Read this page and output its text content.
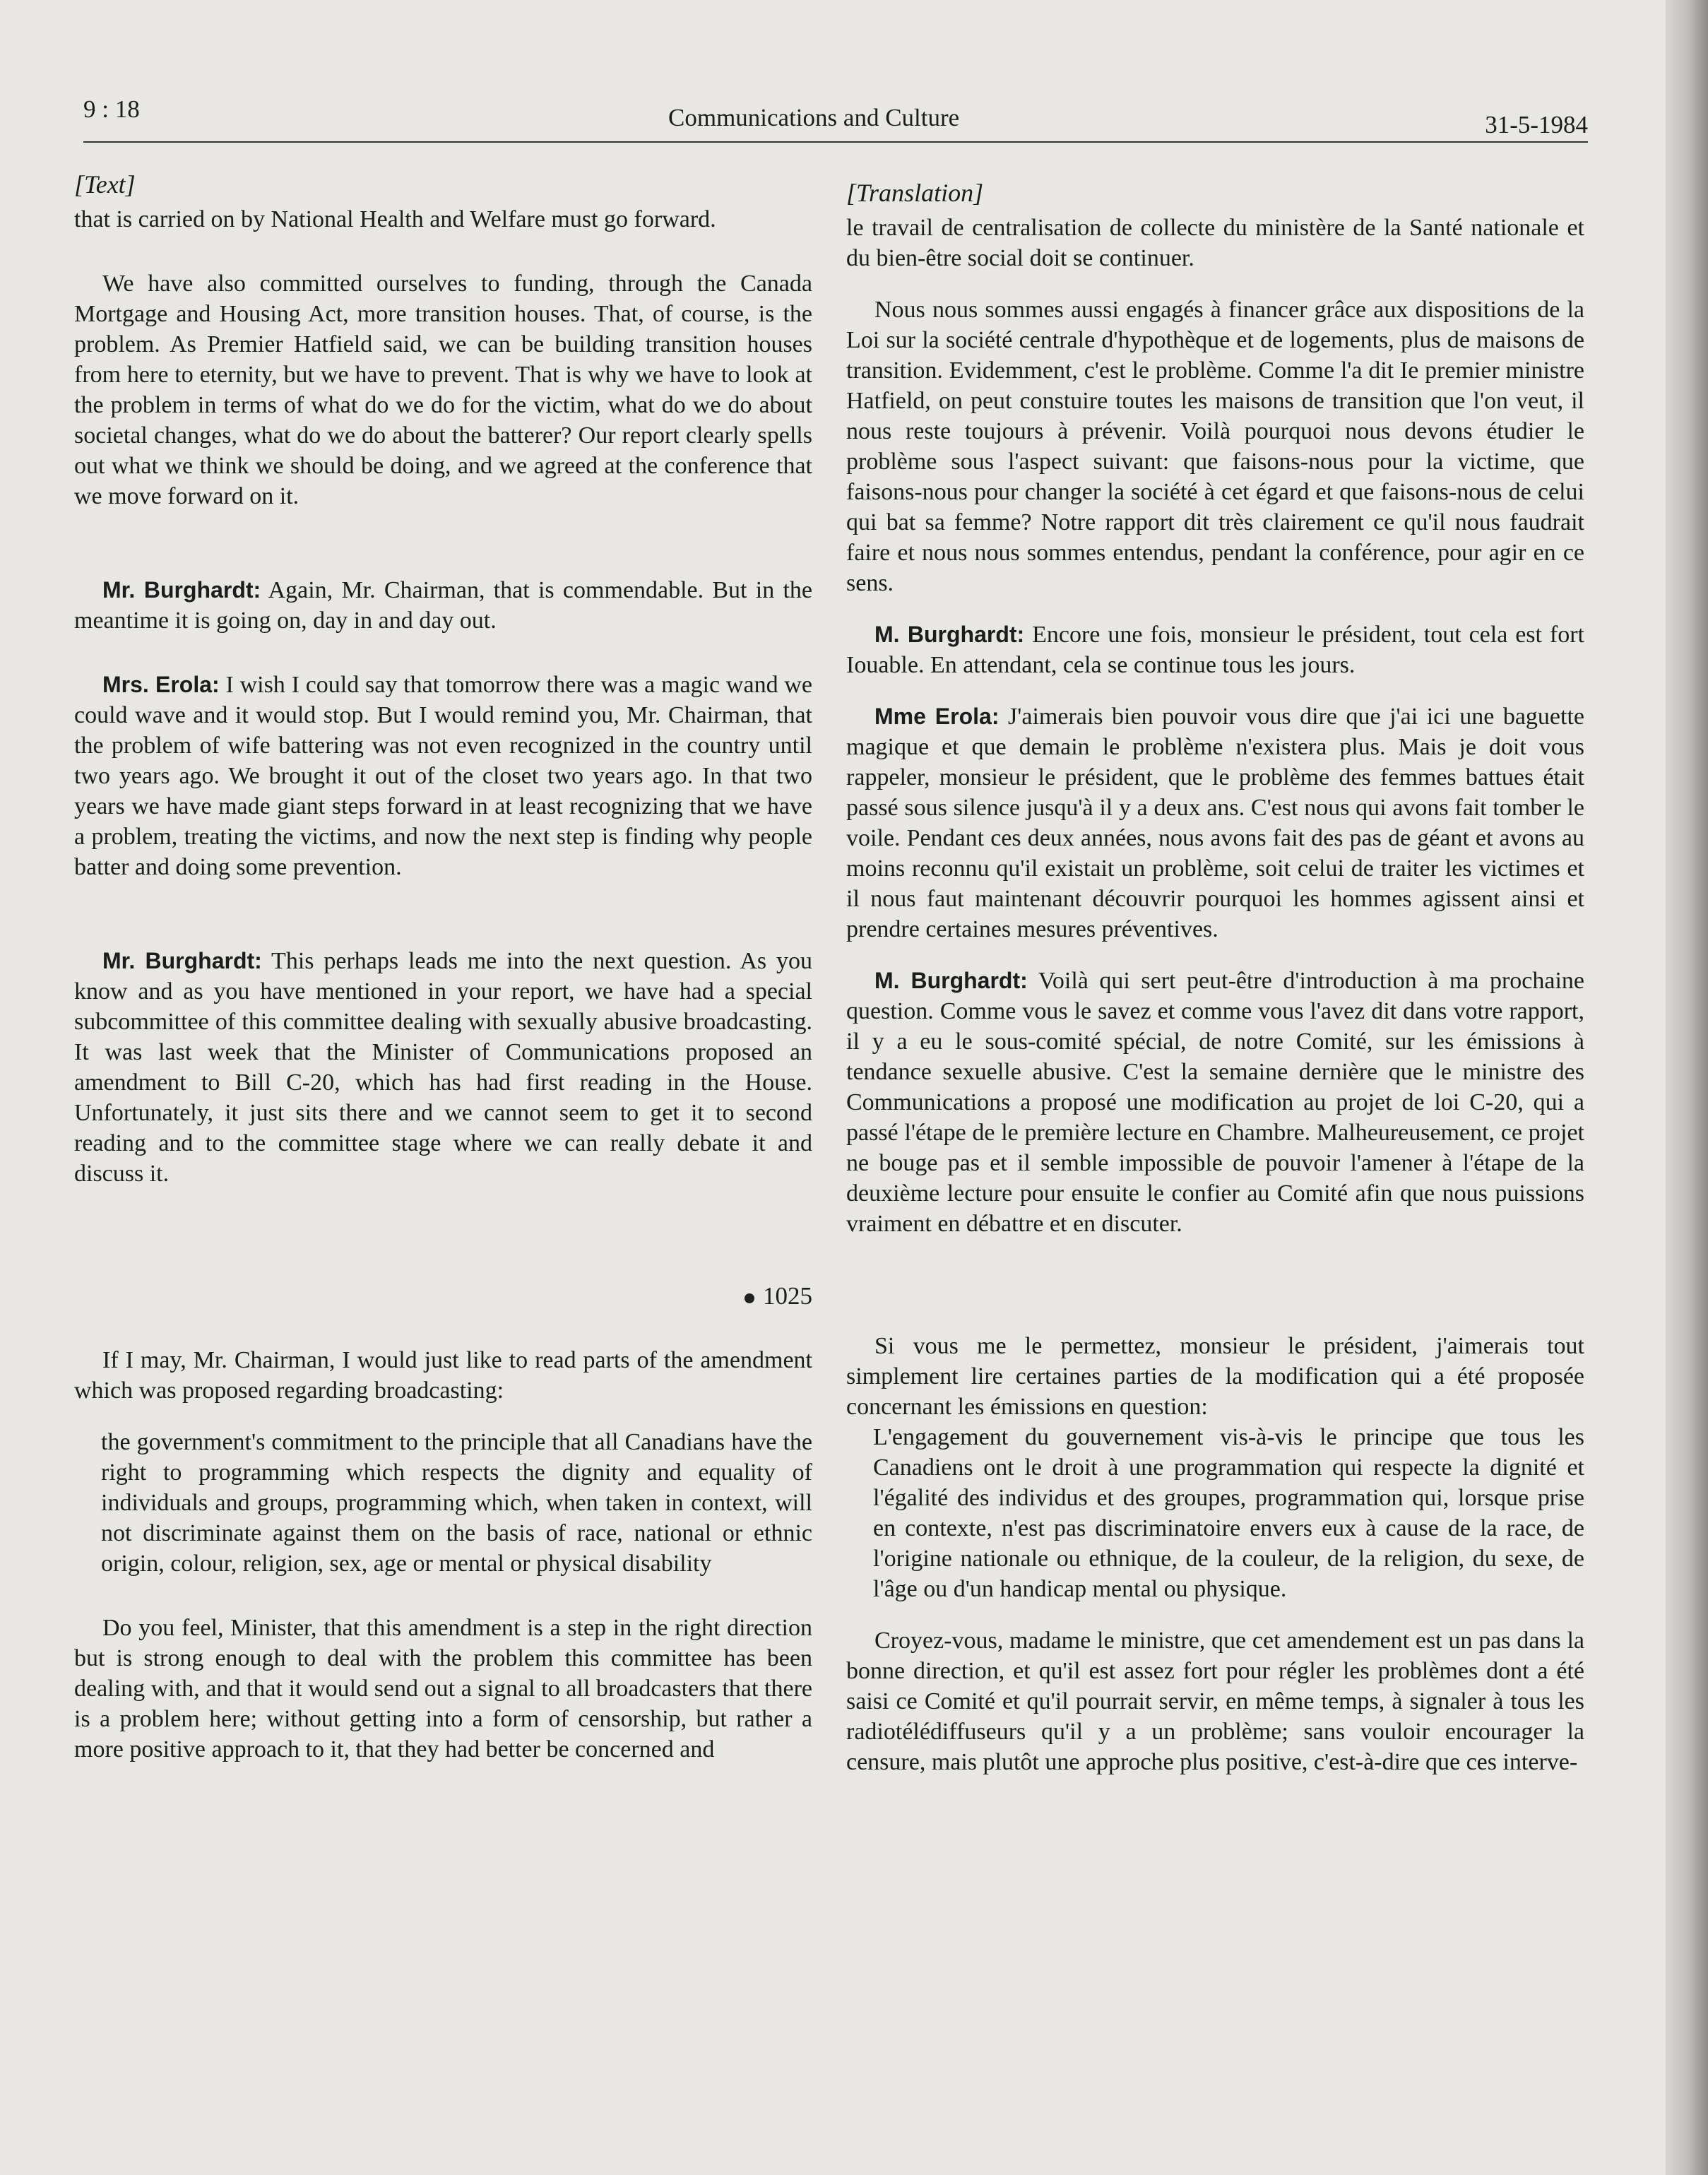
9 : 18	Communications and Culture	31-5-1984
[Text]

that is carried on by National Health and Welfare must go forward.

We have also committed ourselves to funding, through the Canada Mortgage and Housing Act, more transition houses. That, of course, is the problem. As Premier Hatfield said, we can be building transition houses from here to eternity, but we have to prevent. That is why we have to look at the problem in terms of what do we do for the victim, what do we do about societal changes, what do we do about the batterer? Our report clearly spells out what we think we should be doing, and we agreed at the conference that we move forward on it.

Mr. Burghardt: Again, Mr. Chairman, that is commendable. But in the meantime it is going on, day in and day out.

Mrs. Erola: I wish I could say that tomorrow there was a magic wand we could wave and it would stop. But I would remind you, Mr. Chairman, that the problem of wife battering was not even recognized in the country until two years ago. We brought it out of the closet two years ago. In that two years we have made giant steps forward in at least recognizing that we have a problem, treating the victims, and now the next step is finding why people batter and doing some prevention.

Mr. Burghardt: This perhaps leads me into the next question. As you know and as you have mentioned in your report, we have had a special subcommittee of this committee dealing with sexually abusive broadcasting. It was last week that the Minister of Communications proposed an amendment to Bill C-20, which has had first reading in the House. Unfortunately, it just sits there and we cannot seem to get it to second reading and to the committee stage where we can really debate it and discuss it.

1025

If I may, Mr. Chairman, I would just like to read parts of the amendment which was proposed regarding broadcasting:

the government's commitment to the principle that all Canadians have the right to programming which respects the dignity and equality of individuals and groups, programming which, when taken in context, will not discriminate against them on the basis of race, national or ethnic origin, colour, religion, sex, age or mental or physical disability

Do you feel, Minister, that this amendment is a step in the right direction but is strong enough to deal with the problem this committee has been dealing with, and that it would send out a signal to all broadcasters that there is a problem here; without getting into a form of censorship, but rather a more positive approach to it, that they had better be concerned and

[Translation]

le travail de centralisation de collecte du ministère de la Santé nationale et du bien-être social doit se continuer.

Nous nous sommes aussi engagés à financer grâce aux dispositions de la Loi sur la société centrale d'hypothèque et de logements, plus de maisons de transition. Evidemment, c'est le problème. Comme l'a dit Ie premier ministre Hatfield, on peut constuire toutes les maisons de transition que l'on veut, il nous reste toujours à prévenir. Voilà pourquoi nous devons étudier le problème sous l'aspect suivant: que faisons-nous pour la victime, que faisons-nous pour changer la société à cet égard et que faisons-nous de celui qui bat sa femme? Notre rapport dit très clairement ce qu'il nous faudrait faire et nous nous sommes entendus, pendant la conférence, pour agir en ce sens.

M. Burghardt: Encore une fois, monsieur le président, tout cela est fort Iouable. En attendant, cela se continue tous les jours.

Mme Erola: J'aimerais bien pouvoir vous dire que j'ai ici une baguette magique et que demain le problème n'existera plus. Mais je doit vous rappeler, monsieur le président, que le problème des femmes battues était passé sous silence jusqu'à il y a deux ans. C'est nous qui avons fait tomber le voile. Pendant ces deux années, nous avons fait des pas de géant et avons au moins reconnu qu'il existait un problème, soit celui de traiter les victimes et il nous faut maintenant découvrir pourquoi les hommes agissent ainsi et prendre certaines mesures préventives.

M. Burghardt: Voilà qui sert peut-être d'introduction à ma prochaine question. Comme vous le savez et comme vous l'avez dit dans votre rapport, il y a eu le sous-comité spécial, de notre Comité, sur les émissions à tendance sexuelle abusive. C'est la semaine dernière que le ministre des Communications a proposé une modification au projet de loi C-20, qui a passé l'étape de le première lecture en Chambre. Malheureusement, ce projet ne bouge pas et il semble impossible de pouvoir l'amener à l'étape de la deuxième lecture pour ensuite le confier au Comité afin que nous puissions vraiment en débattre et en discuter.

Si vous me le permettez, monsieur le président, j'aimerais tout simplement lire certaines parties de la modification qui a été proposée concernant les émissions en question:

L'engagement du gouvernement vis-à-vis le principe que tous les Canadiens ont le droit à une programmation qui respecte la dignité et l'égalité des individus et des groupes, programmation qui, lorsque prise en contexte, n'est pas discriminatoire envers eux à cause de la race, de l'origine nationale ou ethnique, de la couleur, de la religion, du sexe, de l'âge ou d'un handicap mental ou physique.

Croyez-vous, madame le ministre, que cet amendement est un pas dans la bonne direction, et qu'il est assez fort pour régler les problèmes dont a été saisi ce Comité et qu'il pourrait servir, en même temps, à signaler à tous les radiotélédiffuseurs qu'il y a un problème; sans vouloir encourager la censure, mais plutôt une approche plus positive, c'est-à-dire que ces interve-
